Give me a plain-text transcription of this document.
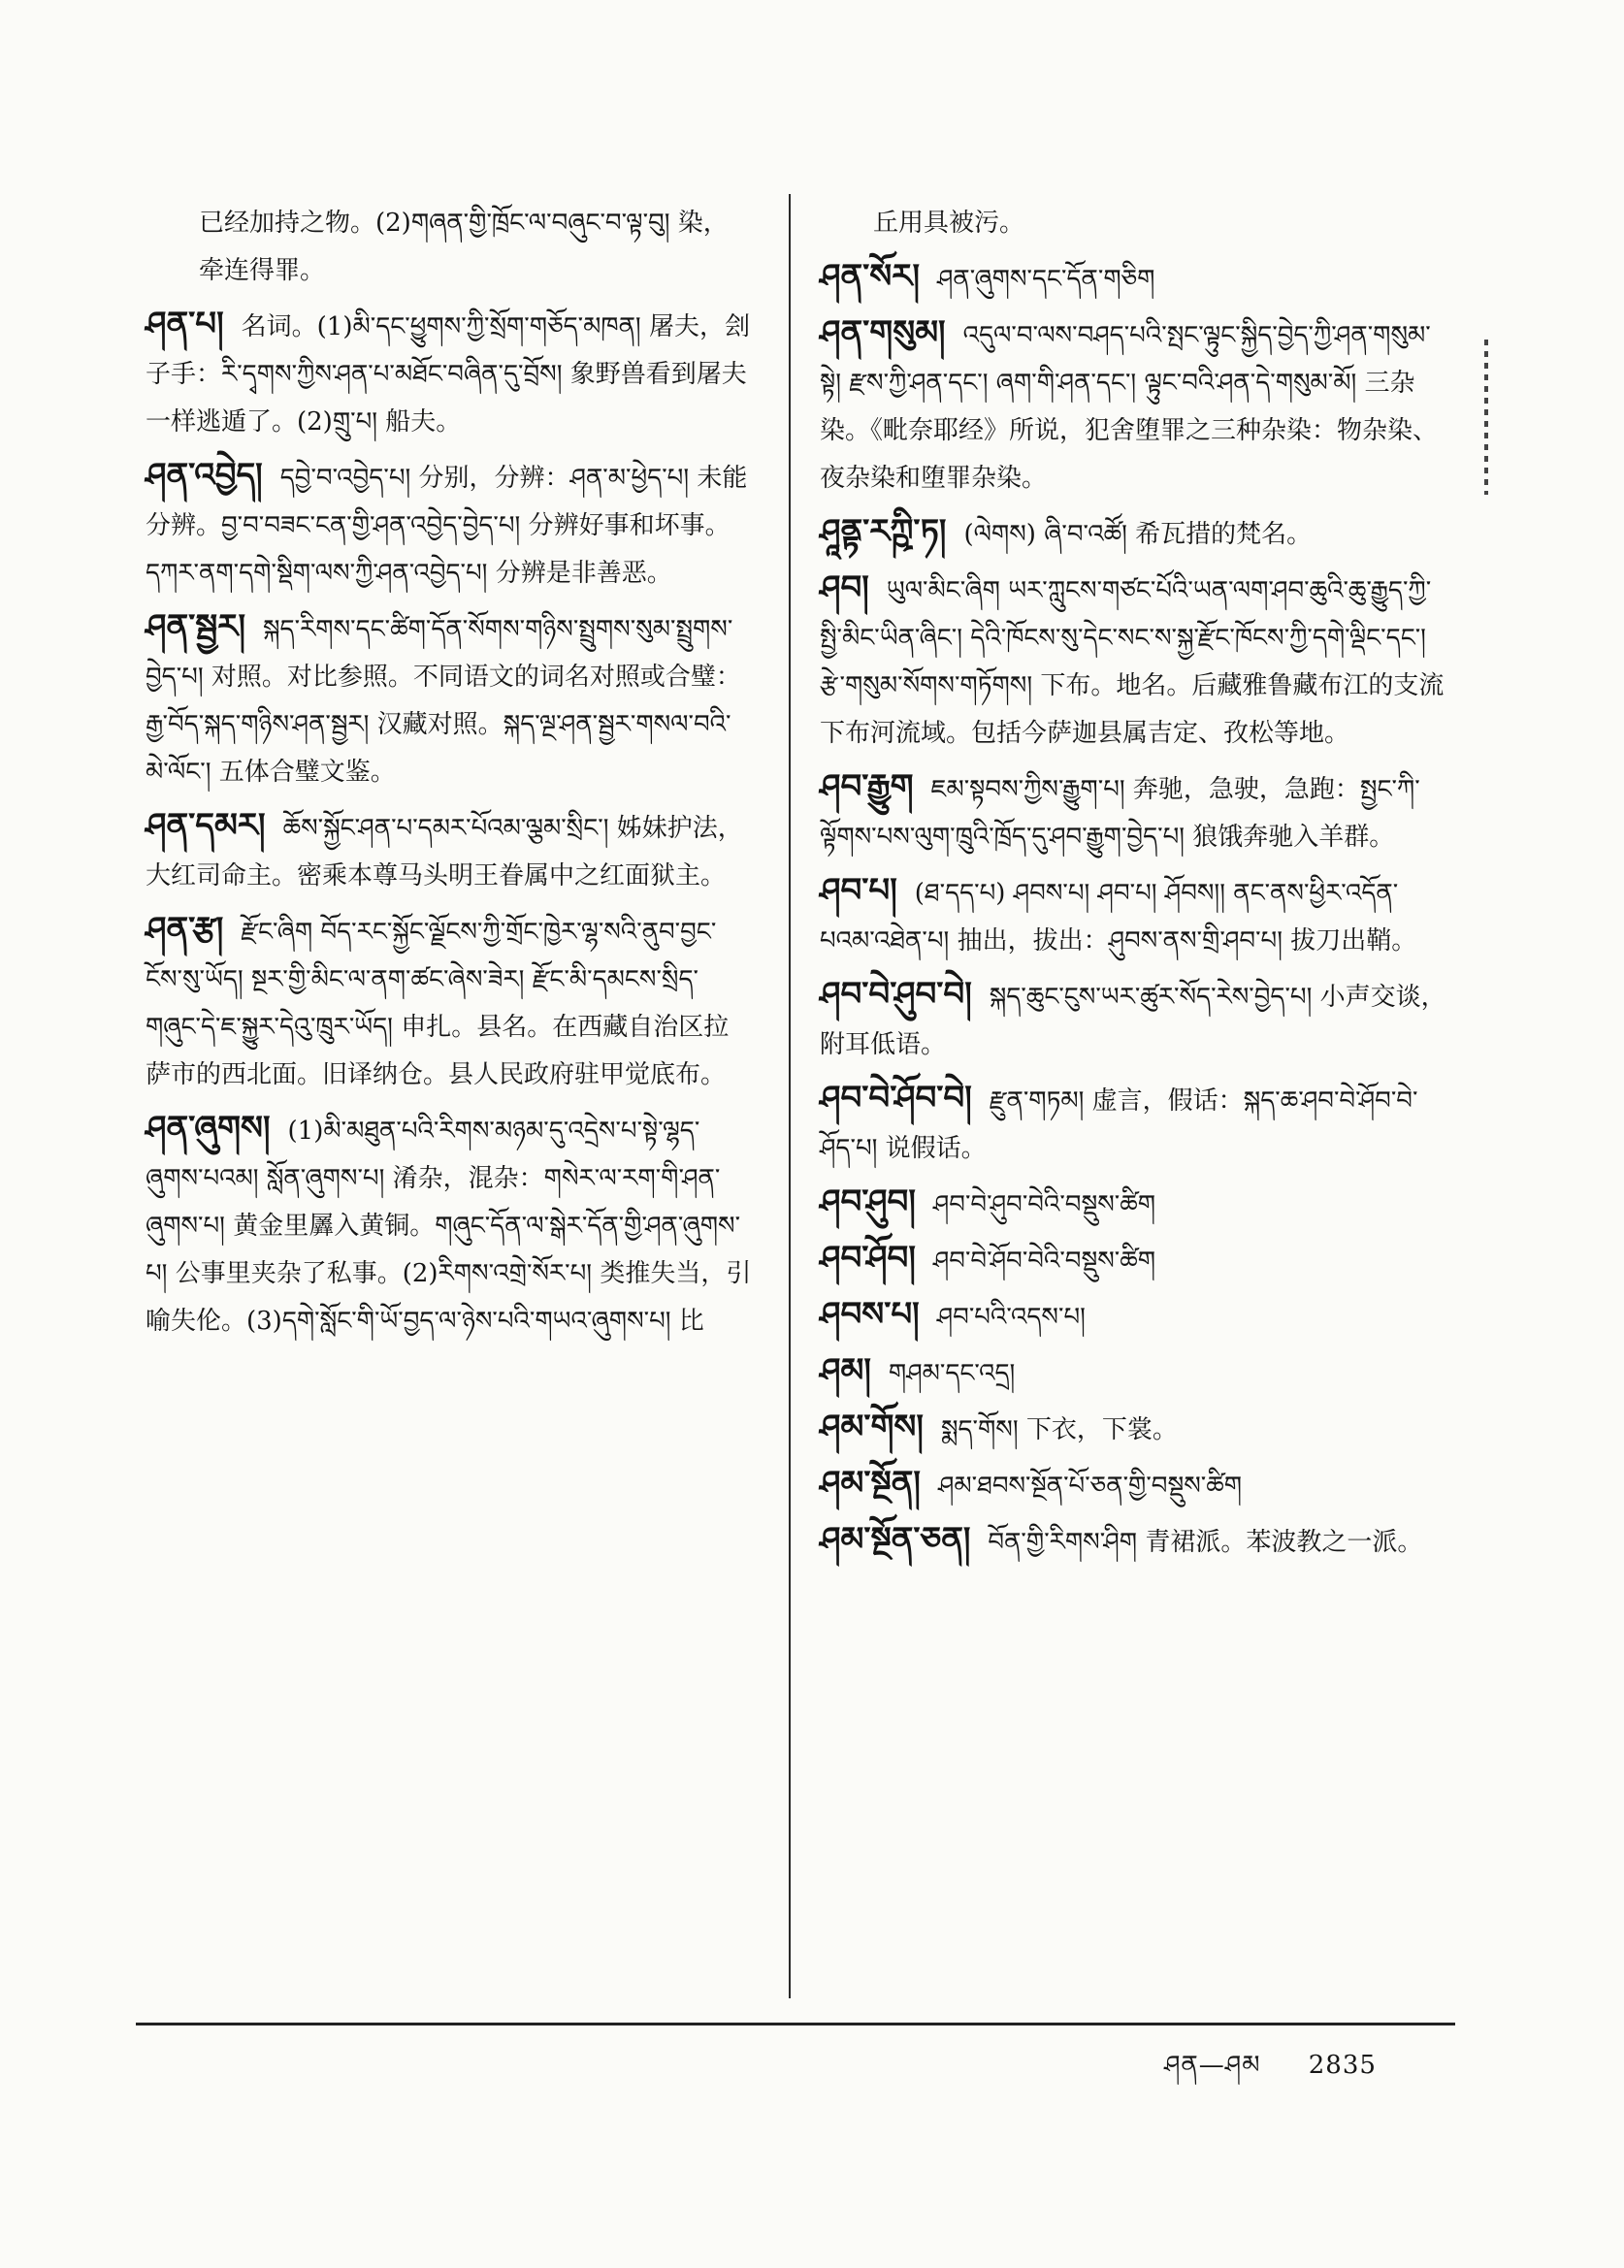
已经加持之物。(2)གཞན་གྱི་ཁྲོང་ལ་བཞུང་བ་ལྟ་བུ། 染，牵连得罪。
ཤན་པ། 名词。(1)མི་དང་ཕྱུགས་ཀྱི་སྲོག་གཅོད་མཁན། 屠夫，刽子手：རི་དྭགས་ཀྱིས་ཤན་པ་མཐོང་བཞིན་དུ་བྲོས། 象野兽看到屠夫一样逃遁了。(2)གྲུ་པ། 船夫。
ཤན་འབྱེད། དབྱེ་བ་འབྱེད་པ། 分别，分辨：ཤན་མ་ཕྱེད་པ། 未能分辨。བྱ་བ་བཟང་ངན་གྱི་ཤན་འབྱེད་བྱེད་པ། 分辨好事和坏事。དཀར་ནག་དགེ་སྡིག་ལས་ཀྱི་ཤན་འབྱེད་པ། 分辨是非善恶。
ཤན་སྦྱར། སྐད་རིགས་དང་ཚིག་དོན་སོགས་གཉིས་སྤྲུགས་སུམ་སྤྲུགས་བྱེད་པ། 对照。对比参照。不同语文的词名对照或合璧：རྒྱ་བོད་སྐད་གཉིས་ཤན་སྦྱར། 汉藏对照。སྐད་ལྔ་ཤན་སྦྱར་གསལ་བའི་མེ་ལོང་། 五体合璧文鉴。
ཤན་དམར། ཆོས་སྐྱོང་ཤན་པ་དམར་པོའམ་ལྕམ་སྲིང་། 姊妹护法，大红司命主。密乘本尊马头明王眷属中之红面狱主。
ཤན་རྩ། རྫོང་ཞིག བོད་རང་སྐྱོང་ལྗོངས་ཀྱི་གྲོང་ཁྱེར་ལྷ་སའི་ནུབ་བྱང་ངོས་སུ་ཡོད། སྔར་གྱི་མིང་ལ་ནག་ཚང་ཞེས་ཟེར། རྫོང་མི་དམངས་སྲིད་གཞུང་དེ་ཇ་སྐྱུར་དེའུ་ཁྲུར་ཡོད། 申扎。县名。在西藏自治区拉萨市的西北面。旧译纳仓。县人民政府驻甲觉底布。
ཤན་ཞུགས། (1)མི་མཐུན་པའི་རིགས་མཉམ་དུ་འདྲེས་པ་སྟེ་ལྷད་ཞུགས་པའམ། སློན་ཞུགས་པ། 淆杂，混杂：གསེར་ལ་རག་གི་ཤན་ཞུགས་པ། 黄金里羼入黄铜。གཞུང་དོན་ལ་སྒེར་དོན་གྱི་ཤན་ཞུགས་པ། 公事里夹杂了私事。(2)རིགས་འགྲེ་སོར་པ། 类推失当，引喻失伦。(3)དགེ་སློང་གི་ཡོ་བྱད་ལ་ཉེས་པའི་གཡའ་ཞུགས་པ། 比
丘用具被污。
ཤན་སོར། ཤན་ཞུགས་དང་དོན་གཅིག
ཤན་གསུམ། འདུལ་བ་ལས་བཤད་པའི་སྤང་ལྟུང་སྐྱིད་བྱེད་ཀྱི་ཤན་གསུམ་སྟེ། རྫས་ཀྱི་ཤན་དང་། ཞག་གི་ཤན་དང་། ལྟུང་བའི་ཤན་དེ་གསུམ་མོ། 三杂染。《毗奈耶经》所说，犯舍堕罪之三种杂染：物杂染、夜杂染和堕罪杂染。
ཤཱནྟ་རཀྵི་ཏ། (ལེགས) ཞི་བ་འཚོ། 希瓦措的梵名。
ཤབ། ཡུལ་མིང་ཞིག ཡར་ཀླུངས་གཙང་པོའི་ཡན་ལག་ཤབ་ཆུའི་ཆུ་རྒྱུད་ཀྱི་སྤྱི་མིང་ཡིན་ཞིང་། དེའི་ཁོངས་སུ་དེང་སང་ས་སྐྱ་རྫོང་ཁོངས་ཀྱི་དགེ་ལྡིང་དང་། རྩེ་གསུམ་སོགས་གཏོགས། 下布。地名。后藏雅鲁藏布江的支流下布河流域。包括今萨迦县属吉定、孜松等地。
ཤབ་རྒྱུག ཇམ་སྟབས་ཀྱིས་རྒྱུག་པ། 奔驰，急驶，急跑：སྤྱང་ཀི་ལྟོགས་པས་ལུག་ཁྲུའི་ཁྲོད་དུ་ཤབ་རྒྱུག་བྱེད་པ། 狼饿奔驰入羊群。
ཤབ་པ། (ཐ་དད་པ) ཤབས་པ། ཤབ་པ། ཤོབས།། ནང་ནས་ཕྱིར་འདོན་པའམ་འཐེན་པ། 抽出，拔出：ཤུབས་ནས་གྲི་ཤབ་པ། 拔刀出鞘。
ཤབ་བེ་ཤུབ་བེ། སྐད་ཆུང་ངུས་ཡར་ཚུར་སོད་རེས་བྱེད་པ། 小声交谈，附耳低语。
ཤབ་བེ་ཤོབ་བེ། རྫུན་གཏམ། 虚言，假话：སྐད་ཆ་ཤབ་བེ་ཤོབ་བེ་ཤོད་པ། 说假话。
ཤབ་ཤུབ། ཤབ་བེ་ཤུབ་བེའི་བསྡུས་ཚིག
ཤབ་ཤོབ། ཤབ་བེ་ཤོབ་བེའི་བསྡུས་ཚིག
ཤབས་པ། ཤབ་པའི་འདས་པ།
ཤམ། གཤམ་དང་འདྲ།
ཤམ་གོས། སྨད་གོས། 下衣，下裳。
ཤམ་སྔོན། ཤམ་ཐབས་སྔོན་པོ་ཅན་གྱི་བསྡུས་ཚིག
ཤམ་སྔོན་ཅན། བོན་གྱི་རིགས་ཤིག 青裙派。苯波教之一派。
ཤན—ཤམ 2835
